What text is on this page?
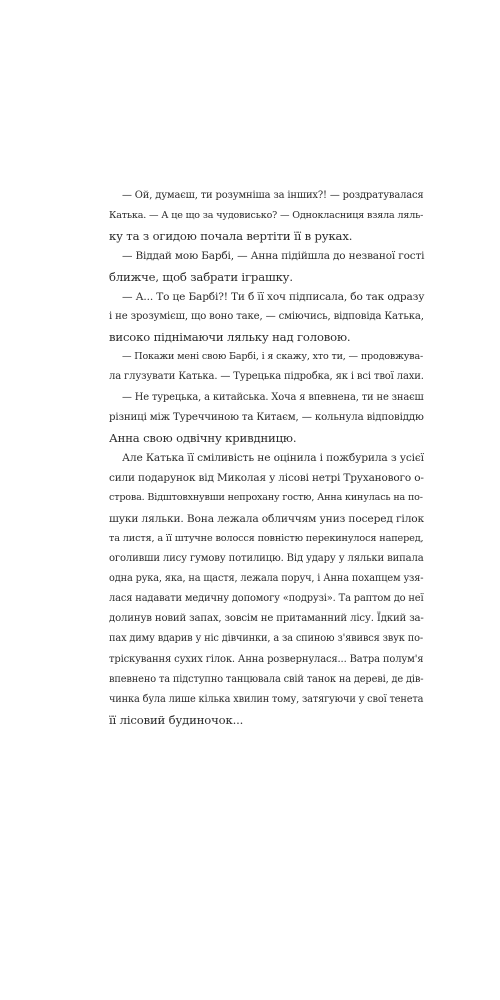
— Ой, думаєш, ти розумніша за інших?! — роздратувалася
Катька. — А це що за чудовисько? — Однокласниця взяла ляль-
ку та з огидою почала вертіти її в руках.
— Віддай мою Барбі, — Анна підійшла до незваної гості
ближче, щоб забрати іграшку.
— А... То це Барбі?! Ти б її хоч підписала, бо так одразу
і не зрозумієш, що воно таке, — сміючись, відповіда Катька,
високо піднімаючи ляльку над головою.
— Покажи мені свою Барбі, і я скажу, хто ти, — продовжува-
ла глузувати Катька. — Турецька підробка, як і всі твої лахи.
— Не турецька, а китайська. Хоча я впевнена, ти не знаєш
різниці між Туреччиною та Китаєм, — кольнула відповіддю
Анна свою одвічну кривдницю.
Але Катька її сміливість не оцінила і пожбурила з усієї
сили подарунок від Миколая у лісові нетрі Труханового о-
строва. Відштовхнувши непрохану гостю, Анна кинулась на по-
шуки ляльки. Вона лежала обличчям униз посеред гілок
та листя, а її штучне волосся повністю перекинулося наперед,
оголивши лису гумову потилицю. Від удару у ляльки випала
одна рука, яка, на щастя, лежала поруч, і Анна похапцем узя-
лася надавати медичну допомогу «подрузі». Та раптом до неї
долинув новий запах, зовсім не притаманний лісу. Їдкий за-
пах диму вдарив у ніс дівчинки, а за спиною з'явився звук по-
трiскування сухих гілок. Анна розвернулася... Ватра полум'я
впевнено та підступно танцювала свій танок на дереві, де дів-
чинка була лише кілька хвилин тому, затягуючи у свої тенета
її лісовий будиночок...
